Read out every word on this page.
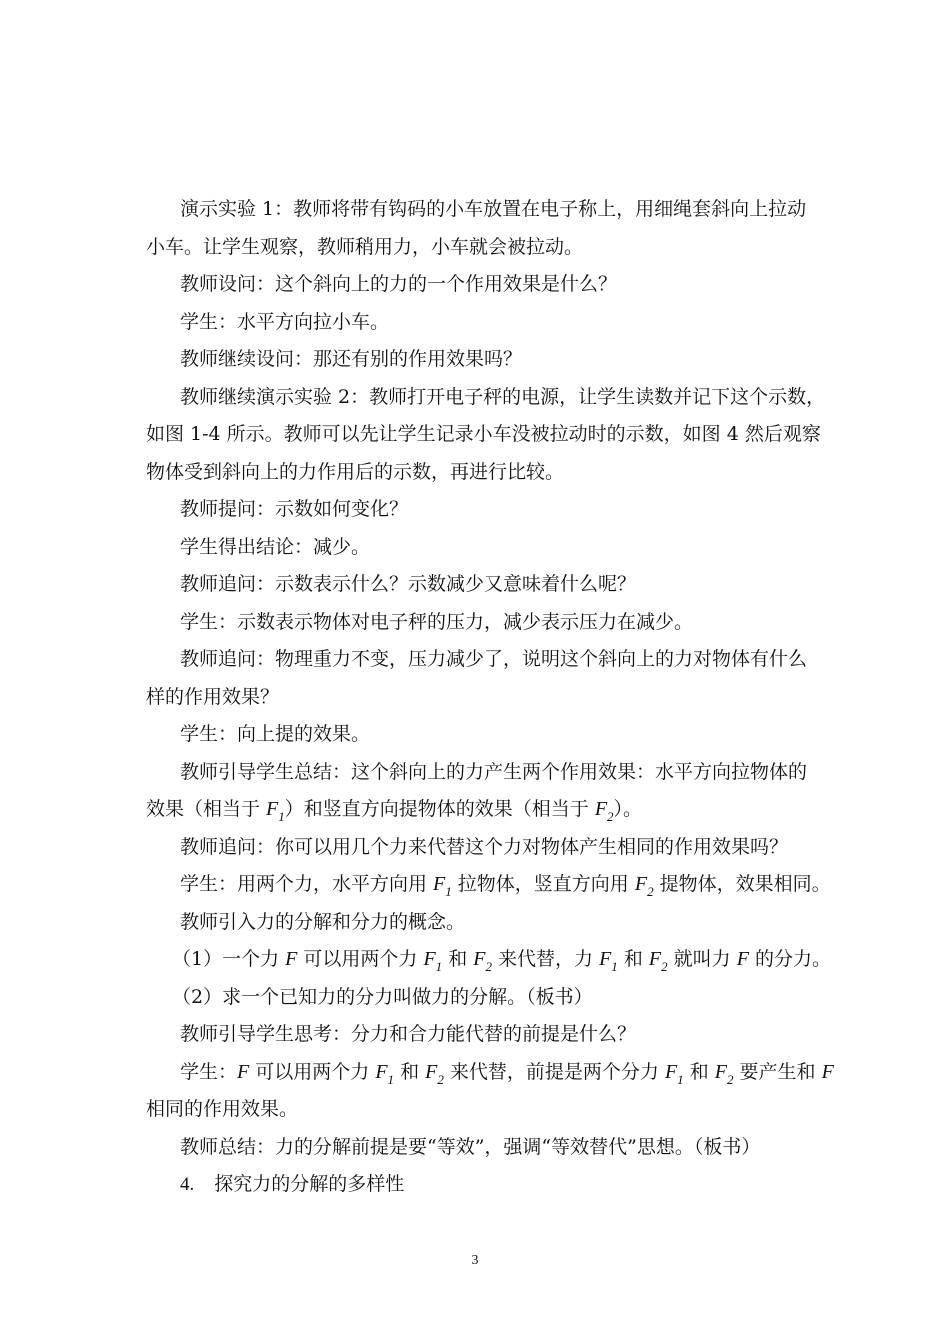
演示实验 1：教师将带有钩码的小车放置在电子称上，用细绳套斜向上拉动
小车。让学生观察，教师稍用力，小车就会被拉动。
教师设问：这个斜向上的力的一个作用效果是什么？
学生：水平方向拉小车。
教师继续设问：那还有别的作用效果吗？
教师继续演示实验 2：教师打开电子秤的电源，让学生读数并记下这个示数，
如图 1-4 所示。教师可以先让学生记录小车没被拉动时的示数，如图 4 然后观察
物体受到斜向上的力作用后的示数，再进行比较。
教师提问：示数如何变化？
学生得出结论：减少。
教师追问：示数表示什么？示数减少又意味着什么呢？
学生：示数表示物体对电子秤的压力，减少表示压力在减少。
教师追问：物理重力不变，压力减少了，说明这个斜向上的力对物体有什么
样的作用效果？
学生：向上提的效果。
教师引导学生总结：这个斜向上的力产生两个作用效果：水平方向拉物体的
效果（相当于 $F_1$）和竖直方向提物体的效果（相当于 $F_2$）。
教师追问：你可以用几个力来代替这个力对物体产生相同的作用效果吗？
学生：用两个力，水平方向用 $F_1$ 拉物体，竖直方向用 $F_2$ 提物体，效果相同。
教师引入力的分解和分力的概念。
（1）一个力 F 可以用两个力 $F_1$ 和 $F_2$ 来代替，力 $F_1$ 和 $F_2$ 就叫力 F 的分力。
（2）求一个已知力的分力叫做力的分解。（板书）
教师引导学生思考：分力和合力能代替的前提是什么？
学生：F 可以用两个力 $F_1$ 和 $F_2$ 来代替，前提是两个分力 $F_1$ 和 $F_2$ 要产生和 F
相同的作用效果。
教师总结：力的分解前提是要“等效”，强调“等效替代”思想。（板书）
4. 探究力的分解的多样性
3
